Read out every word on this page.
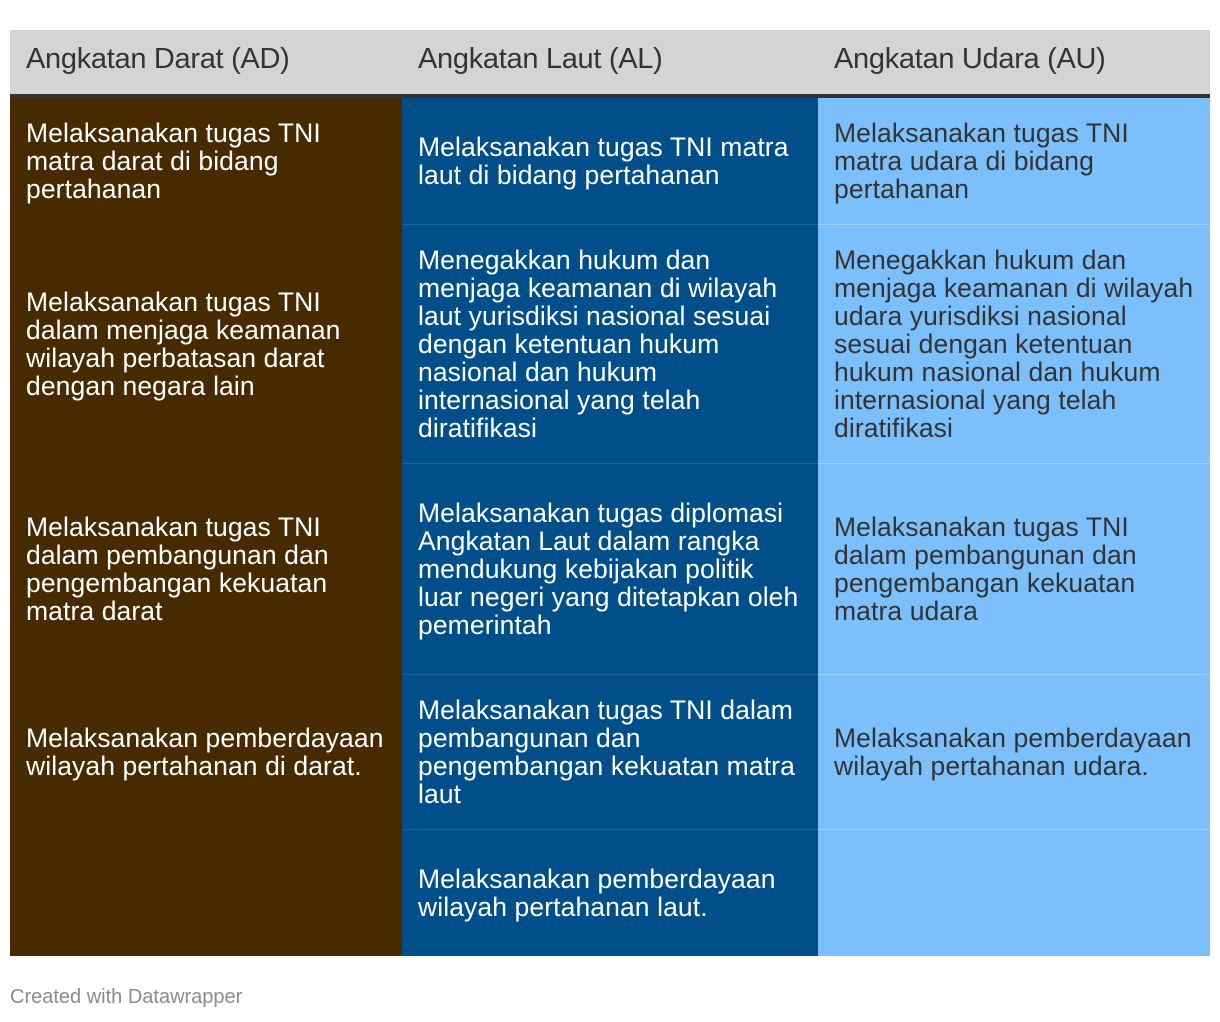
Angkatan Darat (AD)	Angkatan Laut (AL)	Angkatan Udara (AU)
Melaksanakan tugas TNI matra darat di bidang pertahanan	Melaksanakan tugas TNI matra laut di bidang pertahanan	Melaksanakan tugas TNI matra udara di bidang pertahanan
Melaksanakan tugas TNI dalam menjaga keamanan wilayah perbatasan darat dengan negara lain	Menegakkan hukum dan menjaga keamanan di wilayah laut yurisdiksi nasional sesuai dengan ketentuan hukum nasional dan hukum internasional yang telah diratifikasi	Menegakkan hukum dan menjaga keamanan di wilayah udara yurisdiksi nasional sesuai dengan ketentuan hukum nasional dan hukum internasional yang telah diratifikasi
Melaksanakan tugas TNI dalam pembangunan dan pengembangan kekuatan matra darat	Melaksanakan tugas diplomasi Angkatan Laut dalam rangka mendukung kebijakan politik luar negeri yang ditetapkan oleh pemerintah	Melaksanakan tugas TNI dalam pembangunan dan pengembangan kekuatan matra udara
Melaksanakan pemberdayaan wilayah pertahanan di darat.	Melaksanakan tugas TNI dalam pembangunan dan pengembangan kekuatan matra laut	Melaksanakan pemberdayaan wilayah pertahanan udara.
	Melaksanakan pemberdayaan wilayah pertahanan laut.	
Created with Datawrapper
